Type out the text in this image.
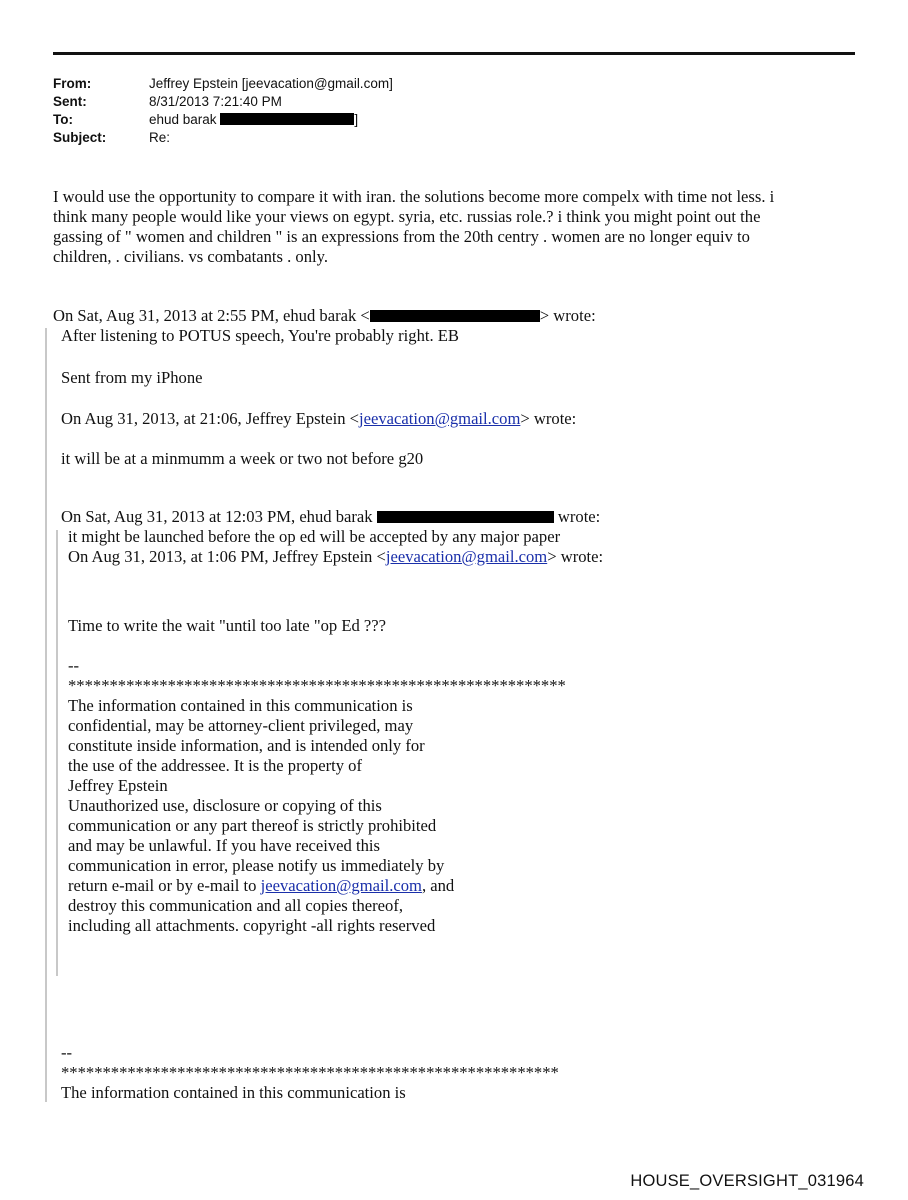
From:	Jeffrey Epstein [jeevacation@gmail.com]
Sent:	8/31/2013 7:21:40 PM
To:	ehud barak	]
Subject:	Re:
I would use the opportunity to compare it with iran. the solutions become more compelx with time not less. i
think many people would like your views on egypt. syria, etc. russias role.? i think you might point out the
gassing of " women and children " is an expressions from the 20th centry . women are no longer equiv to
children, . civilians. vs combatants . only.
On Sat, Aug 31, 2013 at 2:55 PM, ehud barak <	> wrote:
After listening to POTUS speech, You're probably right. EB
Sent from my iPhone
On Aug 31, 2013, at 21:06, Jeffrey Epstein <jeevacation@gmail.com> wrote:
it will be at a minmumm a week or two not before g20
On Sat, Aug 31, 2013 at 12:03 PM, ehud barak	wrote:
it might be launched before the op ed will be accepted by any major paper
On Aug 31, 2013, at 1:06 PM, Jeffrey Epstein <jeevacation@gmail.com> wrote:
Time to write the wait "until too late "op Ed ???
--
************************************************************
The information contained in this communication is
confidential, may be attorney-client privileged, may
constitute inside information, and is intended only for
the use of the addressee. It is the property of
Jeffrey Epstein
Unauthorized use, disclosure or copying of this
communication or any part thereof is strictly prohibited
and may be unlawful. If you have received this
communication in error, please notify us immediately by
return e-mail or by e-mail to jeevacation@gmail.com, and
destroy this communication and all copies thereof,
including all attachments. copyright -all rights reserved
--
************************************************************
The information contained in this communication is
HOUSE_OVERSIGHT_031964
